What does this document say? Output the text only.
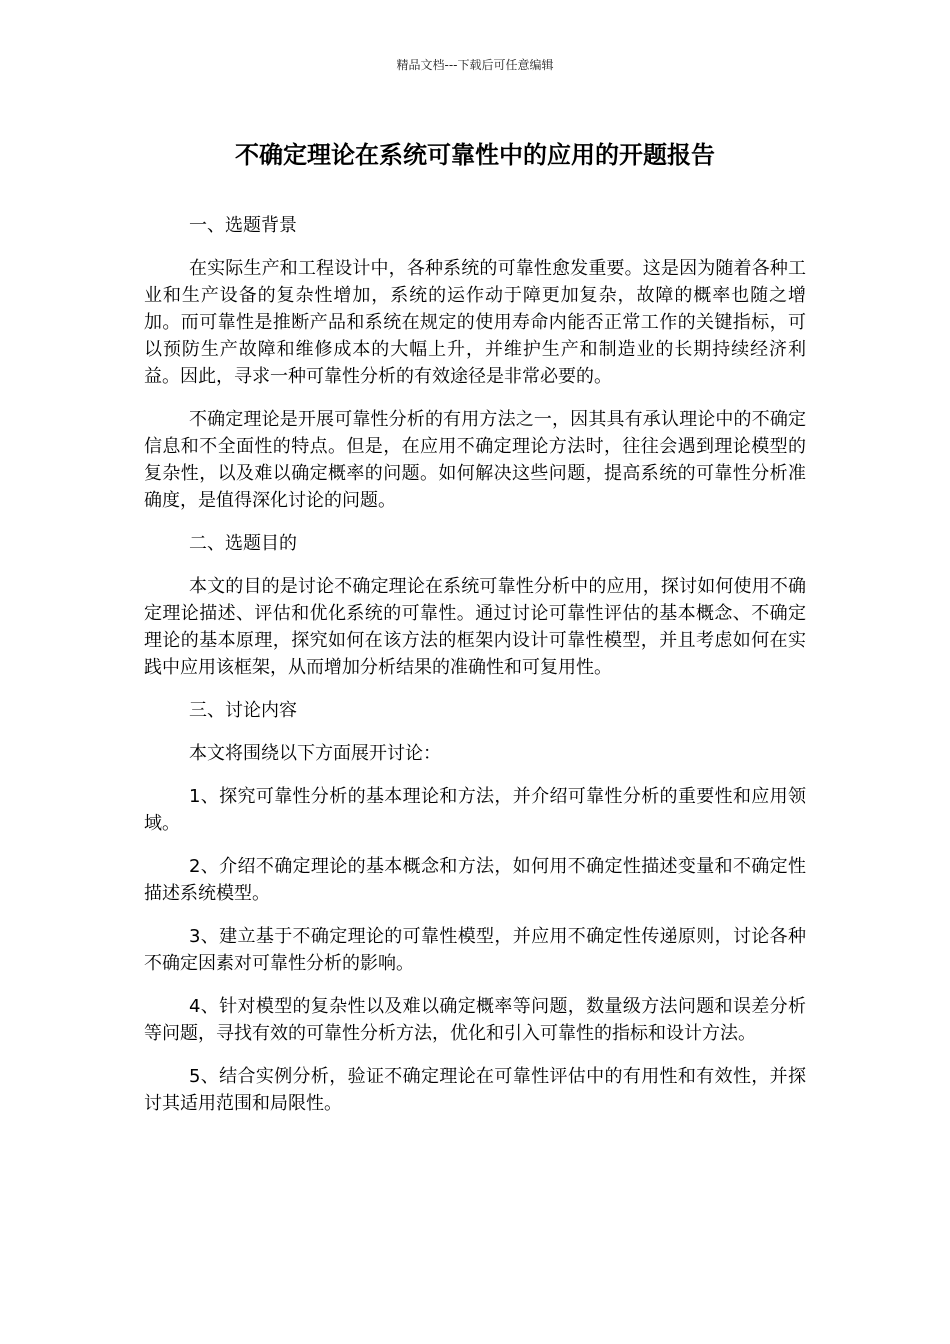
精品文档---下载后可任意编辑
不确定理论在系统可靠性中的应用的开题报告

一、选题背景

在实际生产和工程设计中，各种系统的可靠性愈发重要。这是因为随着各种工业和生产设备的复杂性增加，系统的运作动于障更加复杂，故障的概率也随之增加。而可靠性是推断产品和系统在规定的使用寿命内能否正常工作的关键指标，可以预防生产故障和维修成本的大幅上升，并维护生产和制造业的长期持续经济利益。因此，寻求一种可靠性分析的有效途径是非常必要的。

不确定理论是开展可靠性分析的有用方法之一，因其具有承认理论中的不确定信息和不全面性的特点。但是，在应用不确定理论方法时，往往会遇到理论模型的复杂性，以及难以确定概率的问题。如何解决这些问题，提高系统的可靠性分析准确度，是值得深化讨论的问题。

二、选题目的

本文的目的是讨论不确定理论在系统可靠性分析中的应用，探讨如何使用不确定理论描述、评估和优化系统的可靠性。通过讨论可靠性评估的基本概念、不确定理论的基本原理，探究如何在该方法的框架内设计可靠性模型，并且考虑如何在实践中应用该框架，从而增加分析结果的准确性和可复用性。

三、讨论内容

本文将围绕以下方面展开讨论：

1、探究可靠性分析的基本理论和方法，并介绍可靠性分析的重要性和应用领域。

2、介绍不确定理论的基本概念和方法，如何用不确定性描述变量和不确定性描述系统模型。

3、建立基于不确定理论的可靠性模型，并应用不确定性传递原则，讨论各种不确定因素对可靠性分析的影响。

4、针对模型的复杂性以及难以确定概率等问题，数量级方法问题和误差分析等问题，寻找有效的可靠性分析方法，优化和引入可靠性的指标和设计方法。

5、结合实例分析，验证不确定理论在可靠性评估中的有用性和有效性，并探讨其适用范围和局限性。
